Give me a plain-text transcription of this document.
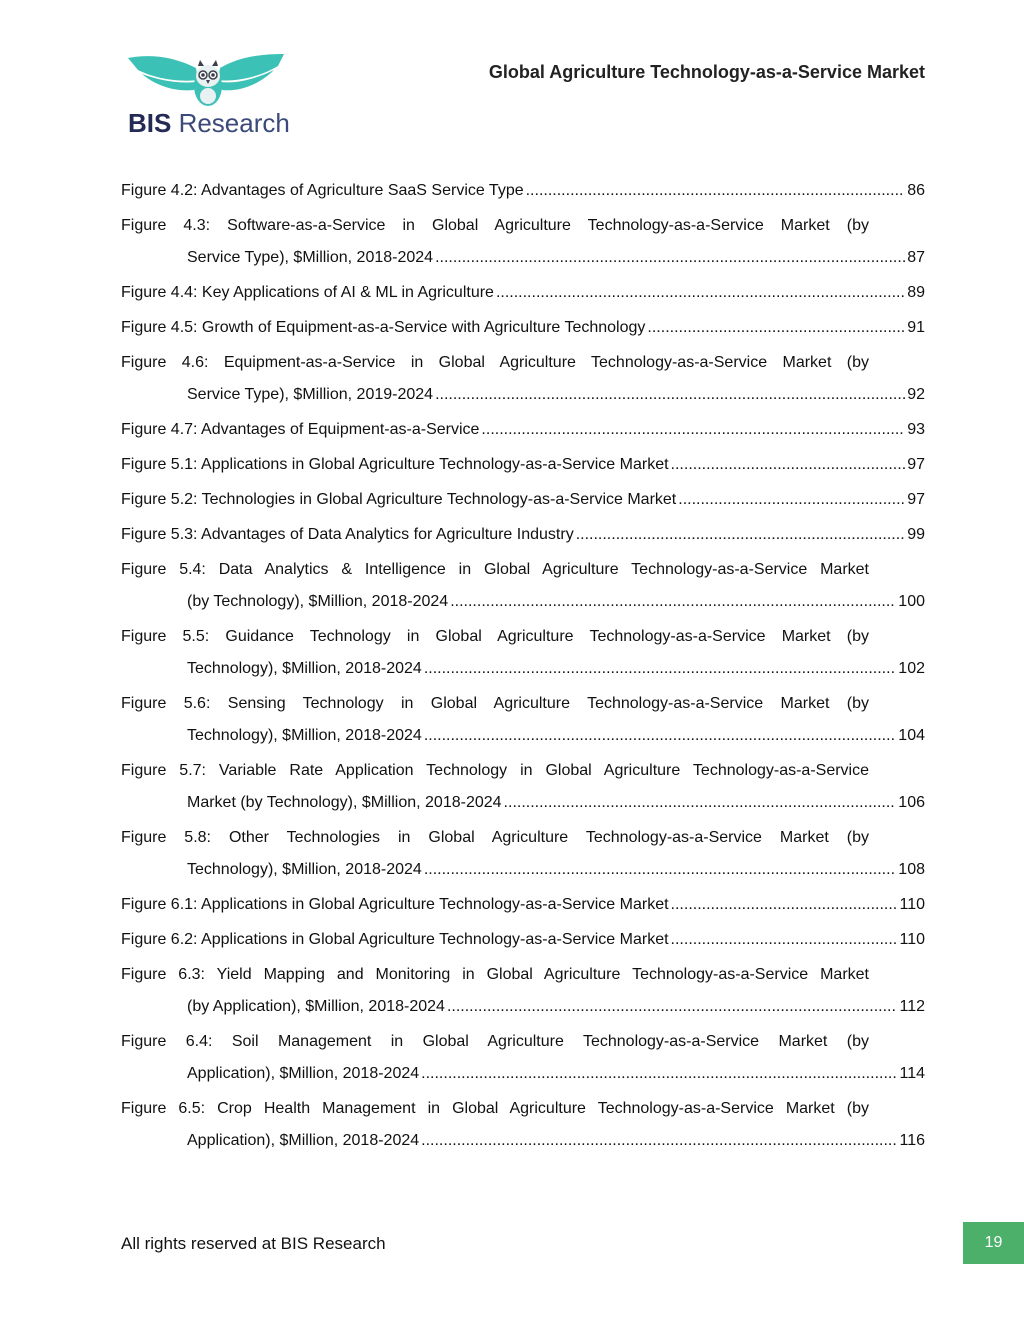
BIS Research
Global Agriculture Technology-as-a-Service Market
Figure 4.2: Advantages of Agriculture SaaS Service Type .....	86
Figure 4.3: Software-as-a-Service in Global Agriculture Technology-as-a-Service Market (by
Service Type), $Million, 2018-2024 .....	87
Figure 4.4: Key Applications of AI & ML in Agriculture .....	89
Figure 4.5: Growth of Equipment-as-a-Service with Agriculture Technology .....	91
Figure 4.6: Equipment-as-a-Service in Global Agriculture Technology-as-a-Service Market (by
Service Type), $Million, 2019-2024 .....	92
Figure 4.7: Advantages of Equipment-as-a-Service .....	93
Figure 5.1: Applications in Global Agriculture Technology-as-a-Service Market .....	97
Figure 5.2: Technologies in Global Agriculture Technology-as-a-Service Market .....	97
Figure 5.3: Advantages of Data Analytics for Agriculture Industry .....	99
Figure 5.4: Data Analytics & Intelligence in Global Agriculture Technology-as-a-Service Market
(by Technology), $Million, 2018-2024 .....	100
Figure 5.5: Guidance Technology in Global Agriculture Technology-as-a-Service Market (by
Technology), $Million, 2018-2024 .....	102
Figure 5.6: Sensing Technology in Global Agriculture Technology-as-a-Service Market (by
Technology), $Million, 2018-2024 .....	104
Figure 5.7: Variable Rate Application Technology in Global Agriculture Technology-as-a-Service
Market (by Technology), $Million, 2018-2024 .....	106
Figure 5.8: Other Technologies in Global Agriculture Technology-as-a-Service Market (by
Technology), $Million, 2018-2024 .....	108
Figure 6.1: Applications in Global Agriculture Technology-as-a-Service Market .....	110
Figure 6.2: Applications in Global Agriculture Technology-as-a-Service Market .....	110
Figure 6.3: Yield Mapping and Monitoring in Global Agriculture Technology-as-a-Service Market
(by Application), $Million, 2018-2024 .....	112
Figure 6.4: Soil Management in Global Agriculture Technology-as-a-Service Market (by
Application), $Million, 2018-2024 .....	114
Figure 6.5: Crop Health Management in Global Agriculture Technology-as-a-Service Market (by
Application), $Million, 2018-2024 .....	116
All rights reserved at BIS Research	19
